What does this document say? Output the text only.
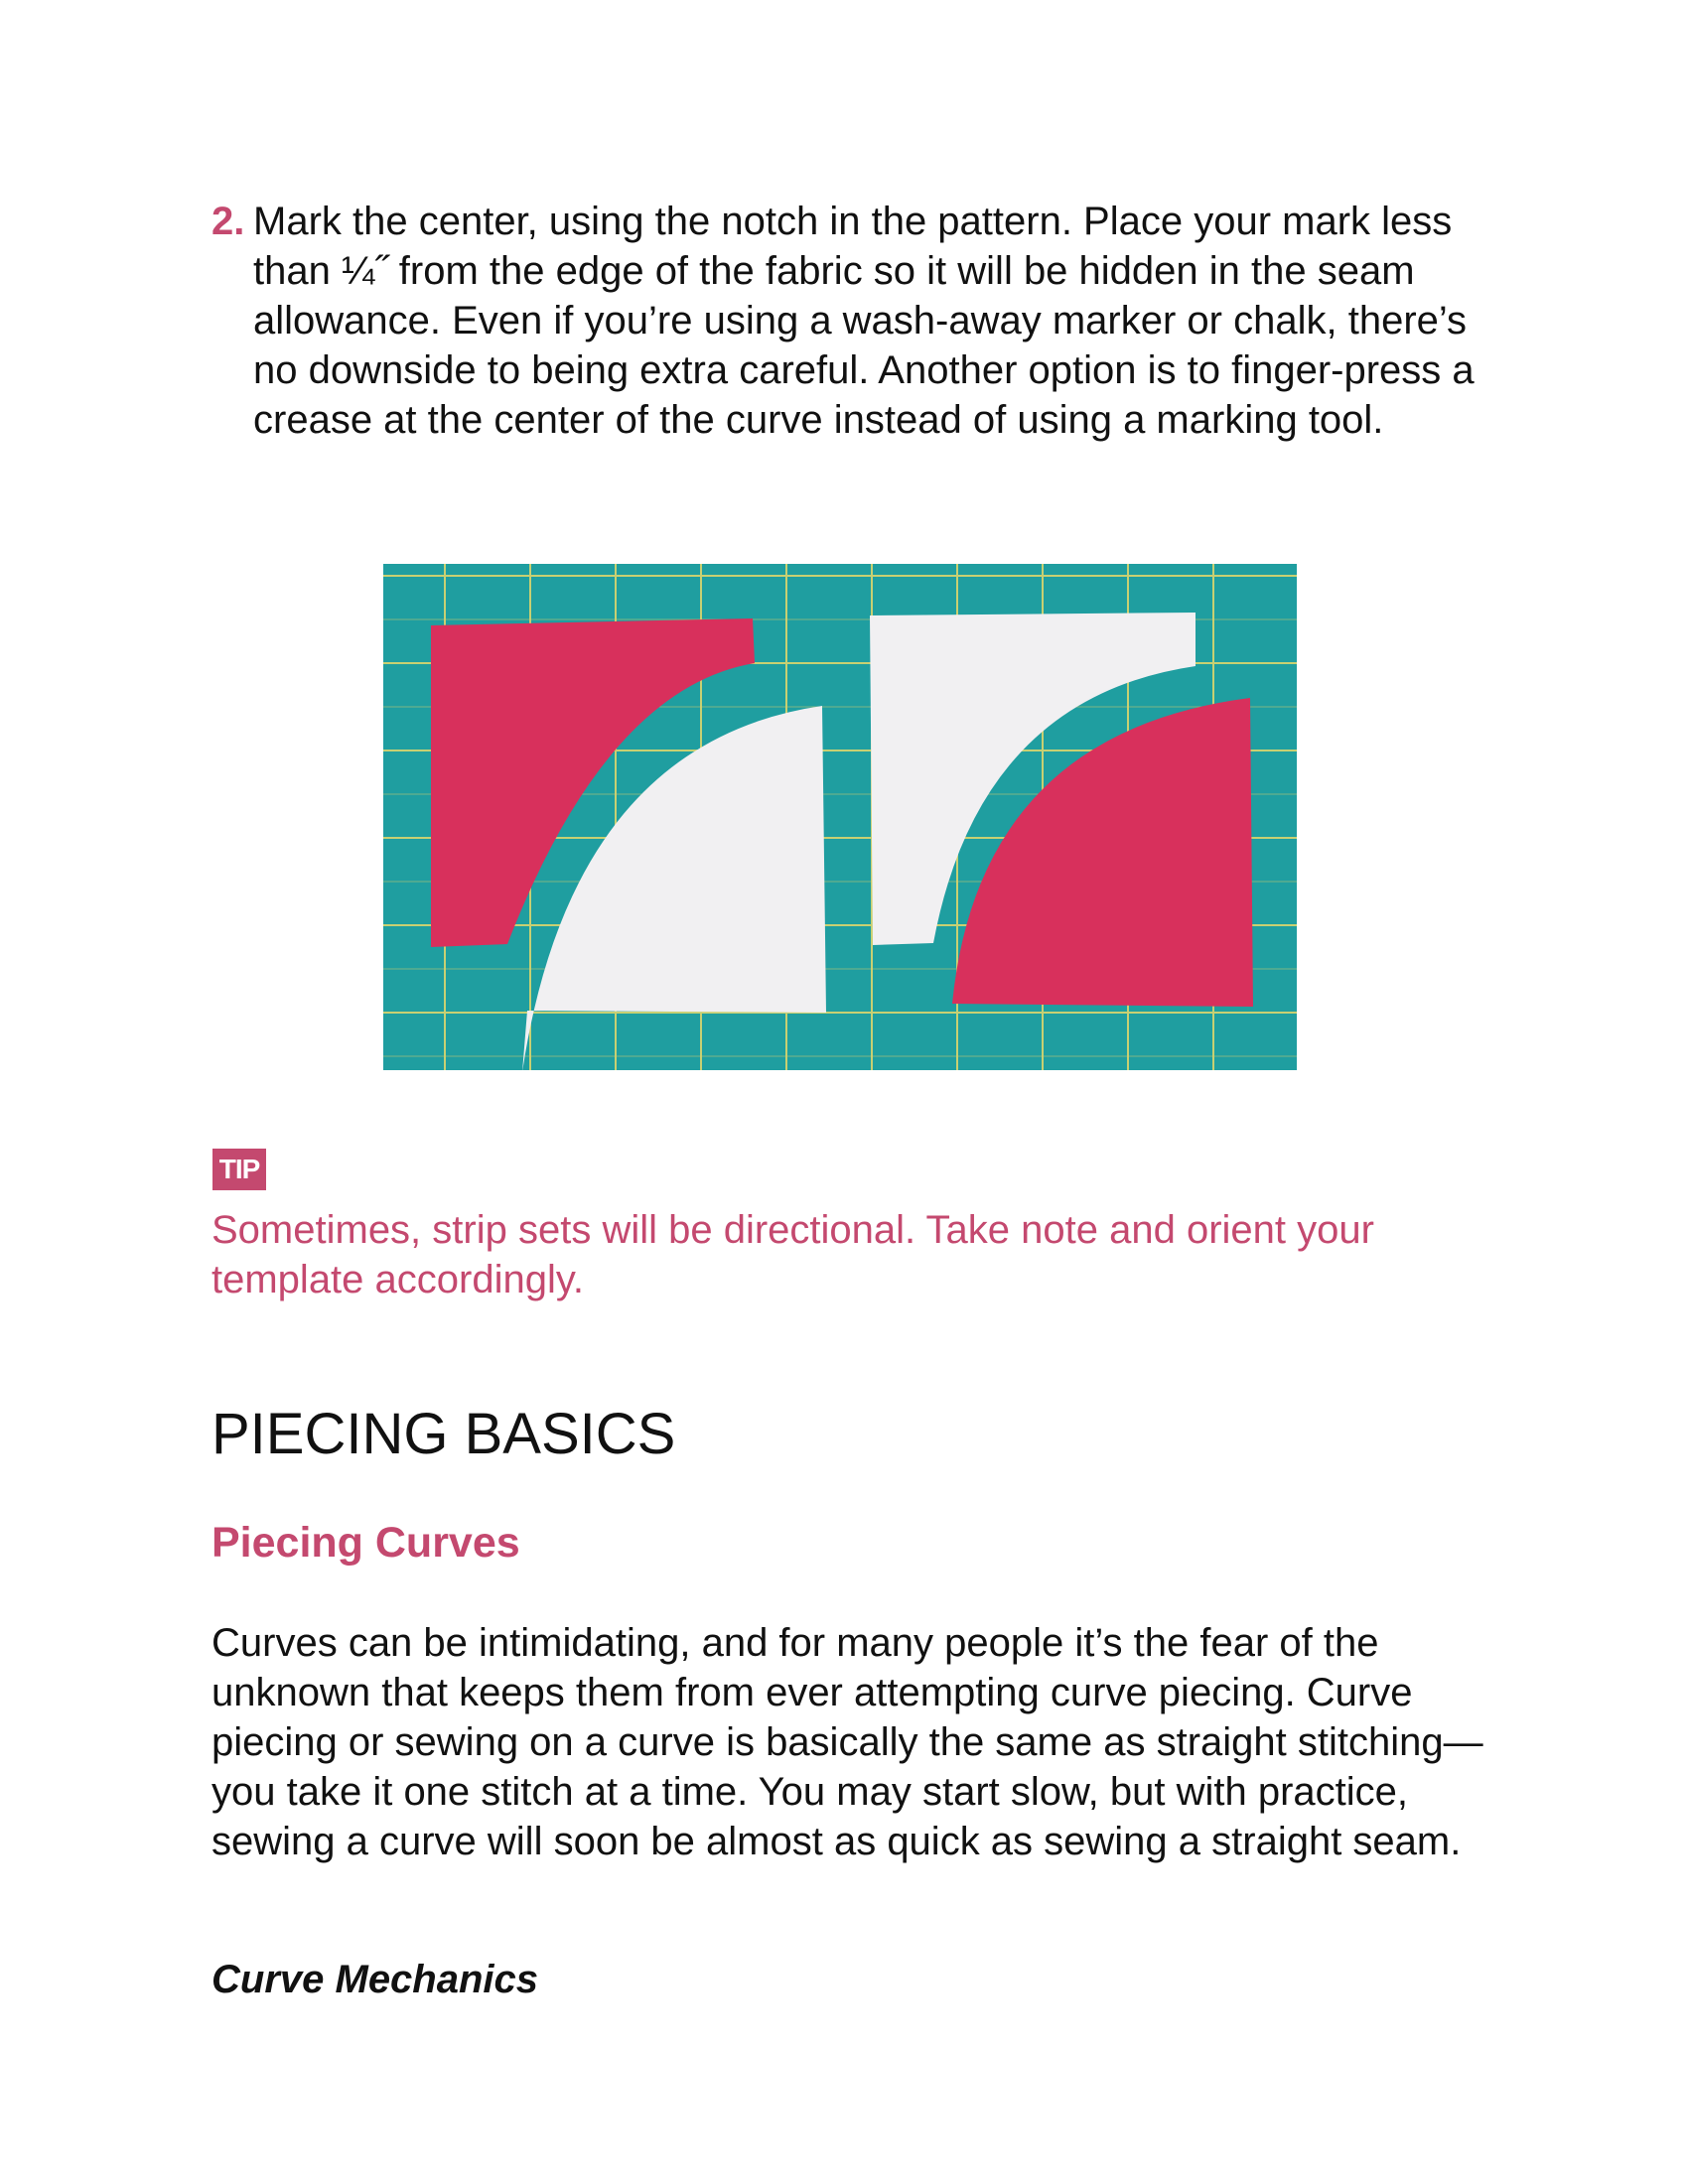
2. Mark the center, using the notch in the pattern. Place your mark less than ¼˝ from the edge of the fabric so it will be hidden in the seam allowance. Even if you’re using a wash-away marker or chalk, there’s no downside to being extra careful. Another option is to finger-press a crease at the center of the curve instead of using a marking tool.
TIP
Sometimes, strip sets will be directional. Take note and orient your template accordingly.
PIECING BASICS
Piecing Curves

Curves can be intimidating, and for many people it’s the fear of the unknown that keeps them from ever attempting curve piecing. Curve piecing or sewing on a curve is basically the same as straight stitching—you take it one stitch at a time. You may start slow, but with practice, sewing a curve will soon be almost as quick as sewing a straight seam.

Curve Mechanics
